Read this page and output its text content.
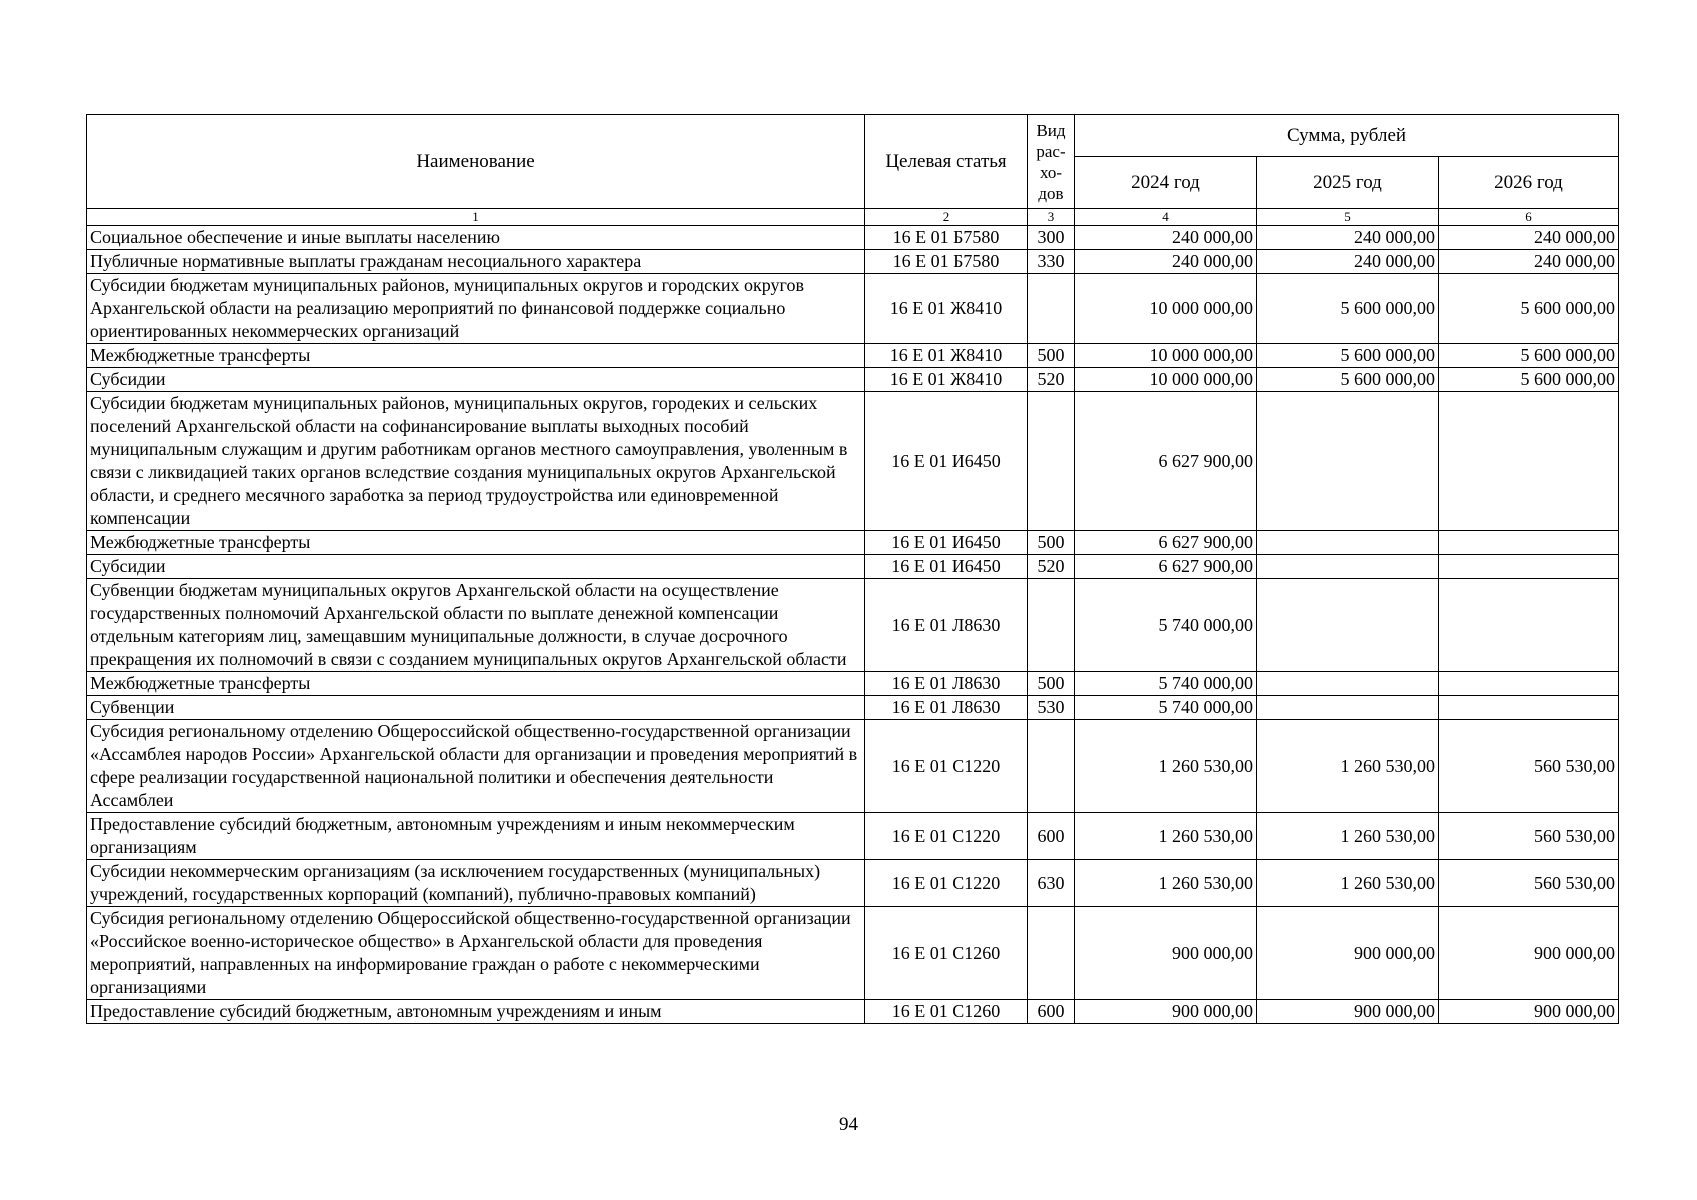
Наименование	Целевая статья	Вид рас-хо-дов	Сумма, рублей		
			2024 год	2025 год	2026 год
1	2	3	4	5	6
Социальное обеспечение и иные выплаты населению	16 Е 01 Б7580	300	240 000,00	240 000,00	240 000,00
Публичные нормативные выплаты гражданам несоциального характера	16 Е 01 Б7580	330	240 000,00	240 000,00	240 000,00
Субсидии бюджетам муниципальных районов, муниципальных округов и городских округов Архангельской области на реализацию мероприятий по финансовой поддержке социально ориентированных некоммерческих организаций	16 Е 01 Ж8410		10 000 000,00	5 600 000,00	5 600 000,00
Межбюджетные трансферты	16 Е 01 Ж8410	500	10 000 000,00	5 600 000,00	5 600 000,00
Субсидии	16 Е 01 Ж8410	520	10 000 000,00	5 600 000,00	5 600 000,00
Субсидии бюджетам муниципальных районов, муниципальных округов, городеких и сельских поселений Архангельской области на софинансирование выплаты выходных пособий муниципальным служащим и другим работникам органов местного самоуправления, уволенным в связи с ликвидацией таких органов вследствие создания муниципальных округов Архангельской области, и среднего месячного заработка за период трудоустройства или единовременной компенсации	16 Е 01 И6450		6 627 900,00		
Межбюджетные трансферты	16 Е 01 И6450	500	6 627 900,00		
Субсидии	16 Е 01 И6450	520	6 627 900,00		
Субвенции бюджетам муниципальных округов Архангельской области на осуществление государственных полномочий Архангельской области по выплате денежной компенсации отдельным категориям лиц, замещавшим муниципальные должности, в случае досрочного прекращения их полномочий в связи с созданием муниципальных округов Архангельской области	16 Е 01 Л8630		5 740 000,00		
Межбюджетные трансферты	16 Е 01 Л8630	500	5 740 000,00		
Субвенции	16 Е 01 Л8630	530	5 740 000,00		
Субсидия региональному отделению Общероссийской общественно-государственной организации «Ассамблея народов России» Архангельской области для организации и проведения мероприятий в сфере реализации государственной национальной политики и обеспечения деятельности Ассамблеи	16 Е 01 С1220		1 260 530,00	1 260 530,00	560 530,00
Предоставление субсидий бюджетным, автономным учреждениям и иным некоммерческим организациям	16 Е 01 С1220	600	1 260 530,00	1 260 530,00	560 530,00
Субсидии некоммерческим организациям (за исключением государственных (муниципальных) учреждений, государственных корпораций (компаний), публично-правовых компаний)	16 Е 01 С1220	630	1 260 530,00	1 260 530,00	560 530,00
Субсидия региональному отделению Общероссийской общественно-государственной организации «Российское военно-историческое общество» в Архангельской области для проведения мероприятий, направленных на информирование граждан о работе с некоммерческими организациями	16 Е 01 С1260		900 000,00	900 000,00	900 000,00
Предоставление субсидий бюджетным, автономным учреждениям и иным	16 Е 01 С1260	600	900 000,00	900 000,00	900 000,00
94
